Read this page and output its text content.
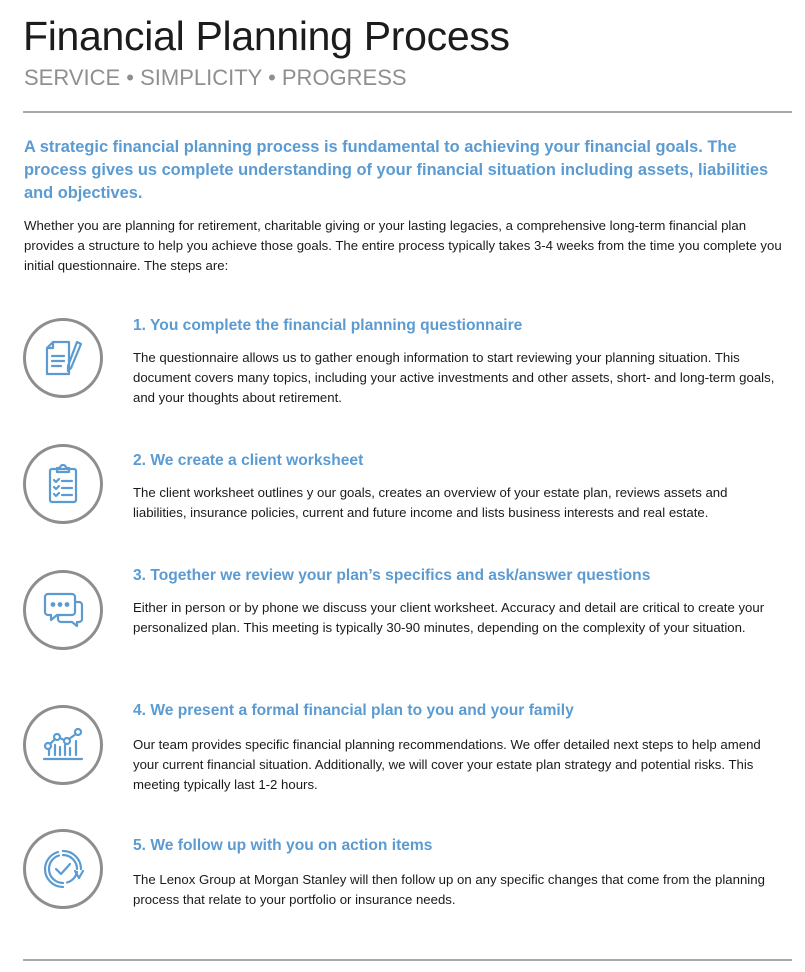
Financial Planning Process
SERVICE • SIMPLICITY • PROGRESS
A strategic financial planning process is fundamental to achieving your financial goals. The process gives us complete understanding of your financial situation including assets, liabilities and objectives.
Whether you are planning for retirement, charitable giving or your lasting legacies, a comprehensive long-term financial plan provides a structure to help you achieve those goals. The entire process typically takes 3-4 weeks from the time you complete you initial questionnaire. The steps are:
1. You complete the financial planning questionnaire
The questionnaire allows us to gather enough information to start reviewing your planning situation. This document covers many topics, including your active investments and other assets, short- and long-term goals, and your thoughts about retirement.
2. We create a client worksheet
The client worksheet outlines y our goals, creates an overview of your estate plan, reviews assets and liabilities, insurance policies, current and future income and lists business interests and real estate.
3. Together we review your plan’s specifics and ask/answer questions
Either in person or by phone we discuss your client worksheet. Accuracy and detail are critical to create your personalized plan. This meeting is typically 30-90 minutes, depending on the complexity of your situation.
4. We present a formal financial plan to you and your family
Our team provides specific financial planning recommendations. We offer detailed next steps to help amend your current financial situation. Additionally, we will cover your estate plan strategy and potential risks. This meeting typically last 1-2 hours.
5. We follow up with you on action items
The Lenox Group at Morgan Stanley will then follow up on any specific changes that come from the planning process that relate to your portfolio or insurance needs.
